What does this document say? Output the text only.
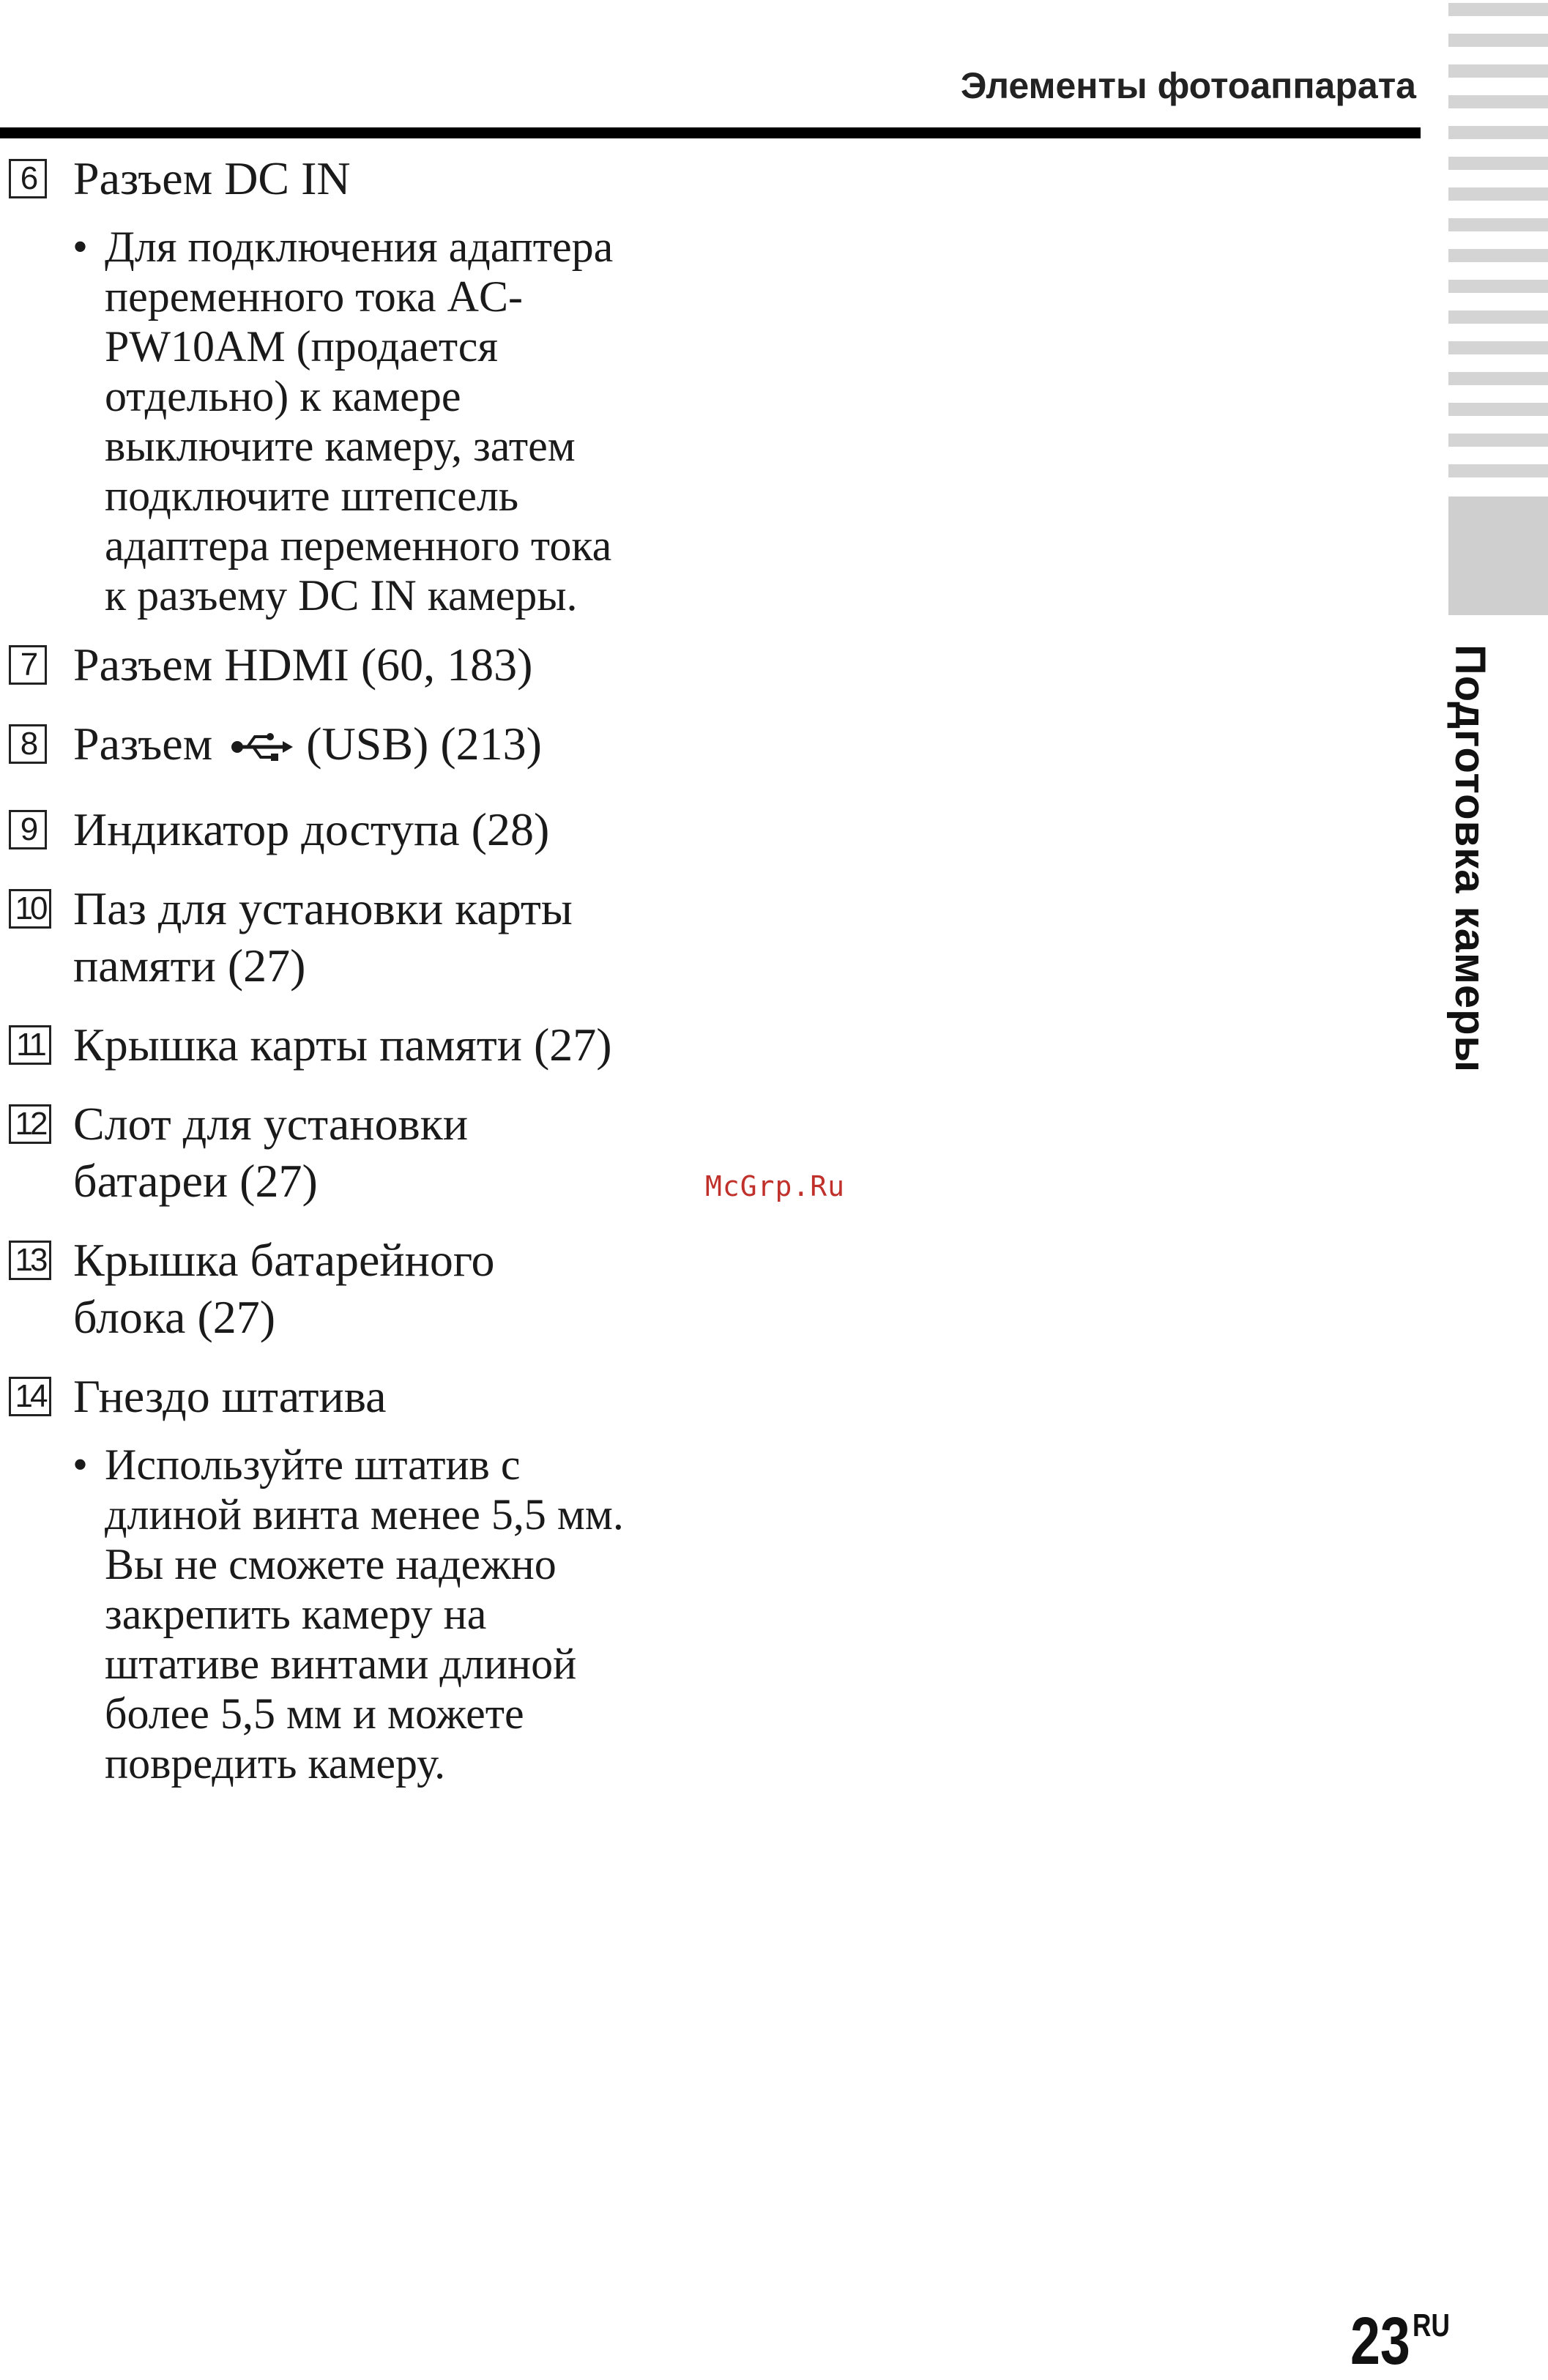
Элементы фотоаппарата
6 Разъем DC IN
• Для подключения адаптера
переменного тока AC-
PW10AM (продается
отдельно) к камере
выключите камеру, затем
подключите штепсель
адаптера переменного тока
к разъему DC IN камеры.
7 Разъем HDMI (60, 183)
8 Разъем (USB) (213)
9 Индикатор доступа (28)
10 Паз для установки карты
памяти (27)
11 Крышка карты памяти (27)
12 Слот для установки
батареи (27)
13 Крышка батарейного
блока (27)
14 Гнездо штатива
• Используйте штатив с
длиной винта менее 5,5 мм.
Вы не сможете надежно
закрепить камеру на
штативе винтами длиной
более 5,5 мм и можете
повредить камеру.
McGrp.Ru
Подготовка камеры
$23^{RU}$
